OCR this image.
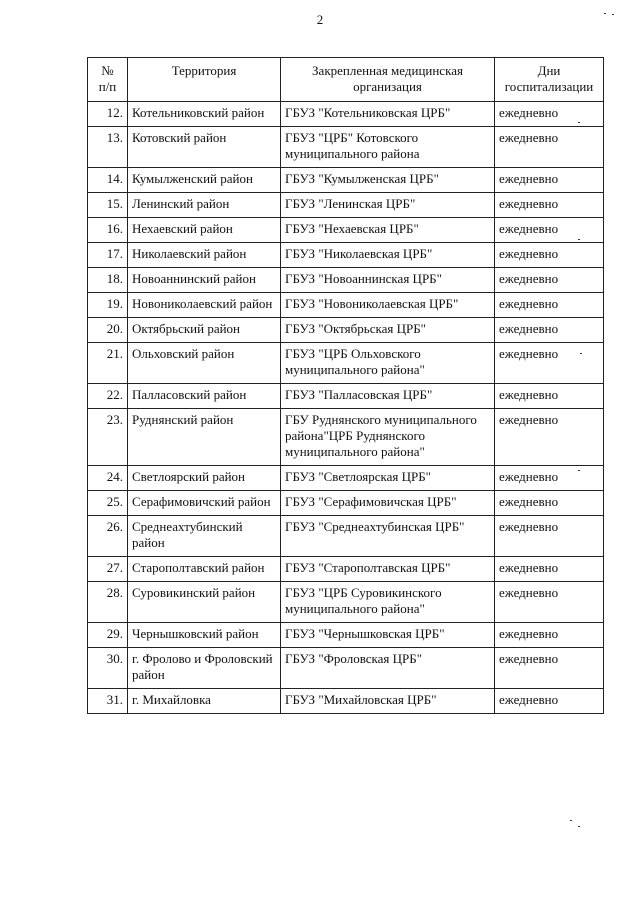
2
№
п/п	Территория	Закрепленная медицинская организация	Дни госпитализации
12.	Котельниковский район	ГБУЗ "Котельниковская ЦРБ"	ежедневно
13.	Котовский район	ГБУЗ "ЦРБ" Котовского муниципального района	ежедневно
14.	Кумылженский район	ГБУЗ "Кумылженская ЦРБ"	ежедневно
15.	Ленинский район	ГБУЗ "Ленинская ЦРБ"	ежедневно
16.	Нехаевский район	ГБУЗ "Нехаевская ЦРБ"	ежедневно
17.	Николаевский район	ГБУЗ "Николаевская ЦРБ"	ежедневно
18.	Новоаннинский район	ГБУЗ "Новоаннинская ЦРБ"	ежедневно
19.	Новониколаевский район	ГБУЗ "Новониколаевская ЦРБ"	ежедневно
20.	Октябрьский район	ГБУЗ "Октябрьская ЦРБ"	ежедневно
21.	Ольховский район	ГБУЗ "ЦРБ Ольховского муниципального района"	ежедневно
22.	Палласовский район	ГБУЗ "Палласовская ЦРБ"	ежедневно
23.	Руднянский район	ГБУ Руднянского муниципального района"ЦРБ Руднянского муниципального района"	ежедневно
24.	Светлоярский район	ГБУЗ "Светлоярская ЦРБ"	ежедневно
25.	Серафимовичский район	ГБУЗ "Серафимовичская ЦРБ"	ежедневно
26.	Среднеахтубинский район	ГБУЗ "Среднеахтубинская ЦРБ"	ежедневно
27.	Старополтавский район	ГБУЗ "Старополтавская ЦРБ"	ежедневно
28.	Суровикинский район	ГБУЗ "ЦРБ Суровикинского муниципального района"	ежедневно
29.	Чернышковский район	ГБУЗ "Чернышковская ЦРБ"	ежедневно
30.	г. Фролово и Фроловский район	ГБУЗ "Фроловская ЦРБ"	ежедневно
31.	г. Михайловка	ГБУЗ "Михайловская ЦРБ"	ежедневно
